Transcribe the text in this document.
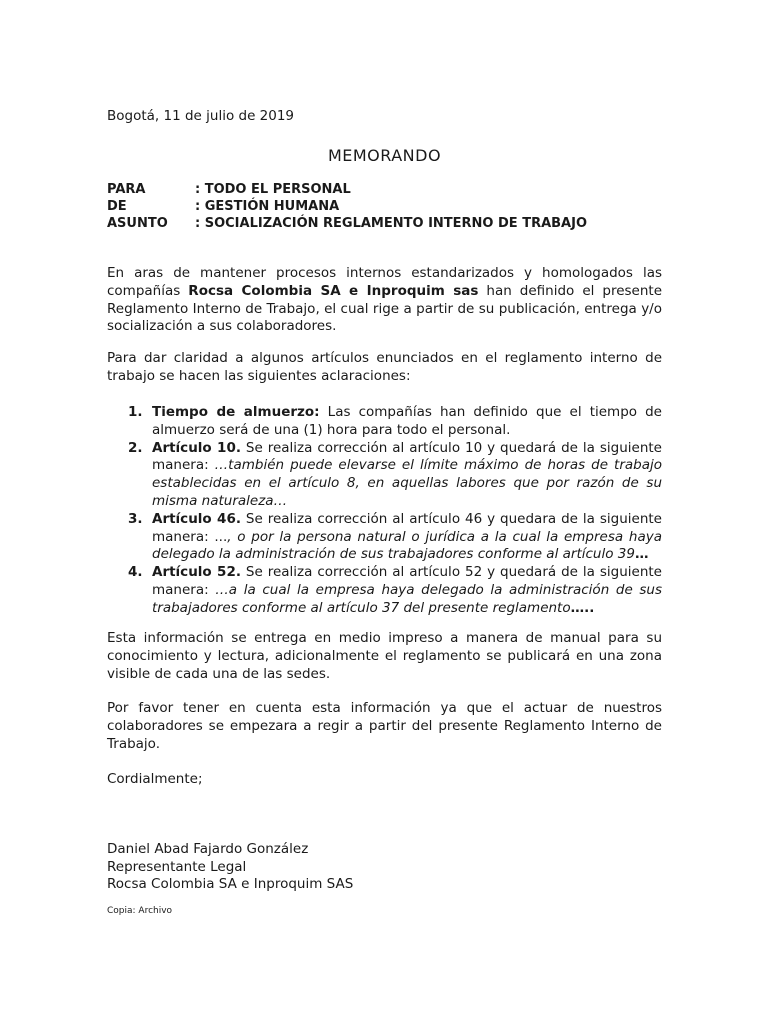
Bogotá, 11 de julio de 2019
MEMORANDO
PARA	: TODO EL PERSONAL
DE	: GESTIÓN HUMANA
ASUNTO	: SOCIALIZACIÓN REGLAMENTO INTERNO DE TRABAJO

En aras de mantener procesos internos estandarizados y homologados las compañías Rocsa Colombia SA e Inproquim sas han definido el presente Reglamento Interno de Trabajo, el cual rige a partir de su publicación, entrega y/o socialización a sus colaboradores.

Para dar claridad a algunos artículos enunciados en el reglamento interno de trabajo se hacen las siguientes aclaraciones:

1. Tiempo de almuerzo: Las compañías han definido que el tiempo de almuerzo será de una (1) hora para todo el personal.
2. Artículo 10. Se realiza corrección al artículo 10 y quedará de la siguiente manera: …también puede elevarse el límite máximo de horas de trabajo establecidas en el artículo 8, en aquellas labores que por razón de su misma naturaleza…
3. Artículo 46. Se realiza corrección al artículo 46 y quedara de la siguiente manera: ..., o por la persona natural o jurídica a la cual la empresa haya delegado la administración de sus trabajadores conforme al artículo 39…
4. Artículo 52. Se realiza corrección al artículo 52 y quedará de la siguiente manera: …a la cual la empresa haya delegado la administración de sus trabajadores conforme al artículo 37 del presente reglamento…..

Esta información se entrega en medio impreso a manera de manual para su conocimiento y lectura, adicionalmente el reglamento se publicará en una zona visible de cada una de las sedes.

Por favor tener en cuenta esta información ya que el actuar de nuestros colaboradores se empezara a regir a partir del presente Reglamento Interno de Trabajo.

Cordialmente;
Daniel Abad Fajardo González
Representante Legal
Rocsa Colombia SA e Inproquim SAS
Copia: Archivo
